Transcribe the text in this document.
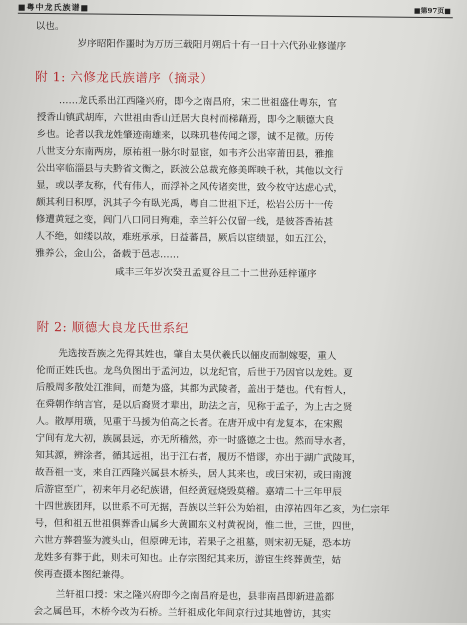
■粤中龙氏族谱■	■第97页■
以也。
岁序昭阳作噩时为万历三载阳月朔后十有一日十六代孙业修谨序
附 1: 六修龙氏族谱序（摘录）
……龙氏系出江西隆兴府，即今之南昌府，宋二世祖盛仕粤东，官
授香山镇武胡库，六世祖由香山迁居大良村而梯藉焉，即今之顺德大良
乡也。论者以我龙姓肇迹南雄来，以珠玑巷传闻之谬，诚不足徵。历传
八世支分东南两房，原祐祖一脉尔时显宦，如韦齐公出宰莆田县，雅推
公出宰临淄县与夫黔省文衡之，跃波公总裁充修美晖映千秋，其他以文行
显，或以孝友称，代有伟人，而浮补之风传诸奕世，致今枚守达虑心式，
颇其利日积厚，汎其子今有臥光禹，粤自二世祖下迁，松岩公历十一传
修遭黄冠之变，闾门八口同日殉难，幸兰轩公仅留一线，是彼荅香祐甚
人不绝，如缕以故，难班承承，日益蕃昌，厥后以宦绩显，如五江公，
雅养公，金山公，备载于邑志……
咸丰三年岁次癸丑孟夏谷旦二十二世孙廷梓谨序
附 2: 顺德大良龙氏世系纪
先选按吾族之先得其姓也，肇自太昊伏羲氏以俪皮而制嫁娶，重人
伦而正姓氏也。龙鸟负图出于孟河边，以龙纪官，后世于乃因官以龙姓。夏
后般周多散处江淮间，而楚为盛，其都为武陵者，盖出于楚也。代有哲人，
在舜朝作纳言官，是以后裔贤才辈出，助法之言，见称于孟子，为上古之贤
人。散厚用璜，见重于马援为伯高之长者。在唐开成中有龙复本，在宋熙
宁间有龙大初，族属县远，亦无所稽然，亦一时盛德之士也。然而导水者，
知其源，辨涂者，循其远祖，出于江右者，履历不惜谬，亦出于湖广武陵耳，
故吾祖一支，来自江西隆兴属县木桥头，居人其来也，或曰宋初，或曰南渡
后游宦至广，初来年月必纪族谱，但经黄冠烧毁莫稽。嘉靖二十三年甲辰
十四世族团拜，以世系不可无据，吾族以兰轩公为始祖，由淳祐四年乙亥，为仁宗年
号，但和祖五世祖俱葬香山属乡大黄圃东义村黄祝岗，惟二世，三世，四世，
六世方葬碧鉴为渡头山，但原碑无讳，若果子之祖墓，则宋初无疑，恐本坊
龙姓多有葬于此，则未可知也。止存宗图纪其来历，游宦生终葬黄茔，姑
俟再查摄本图纪兼得。
兰轩祖口授：宋之隆兴府即今之南昌府是也，县非南昌即新进盖都
会之属邑耳，木桥今改为石桥。兰轩祖成化年间京行过其地曾访，其实
